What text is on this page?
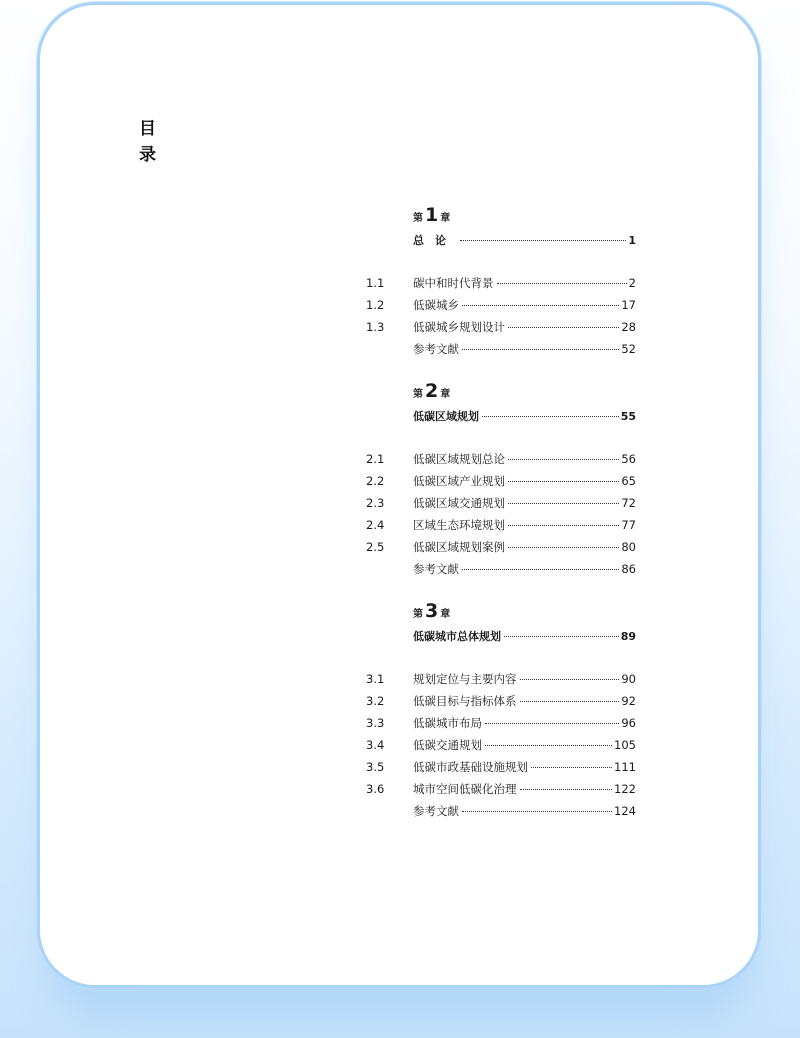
目录
第 1 章
总论	1
1.1	碳中和时代背景	2
1.2	低碳城乡	17
1.3	低碳城乡规划设计	28
参考文献	52
第 2 章
低碳区域规划	55
2.1	低碳区域规划总论	56
2.2	低碳区域产业规划	65
2.3	低碳区域交通规划	72
2.4	区域生态环境规划	77
2.5	低碳区域规划案例	80
参考文献	86
第 3 章
低碳城市总体规划	89
3.1	规划定位与主要内容	90
3.2	低碳目标与指标体系	92
3.3	低碳城市布局	96
3.4	低碳交通规划	105
3.5	低碳市政基础设施规划	111
3.6	城市空间低碳化治理	122
参考文献	124
